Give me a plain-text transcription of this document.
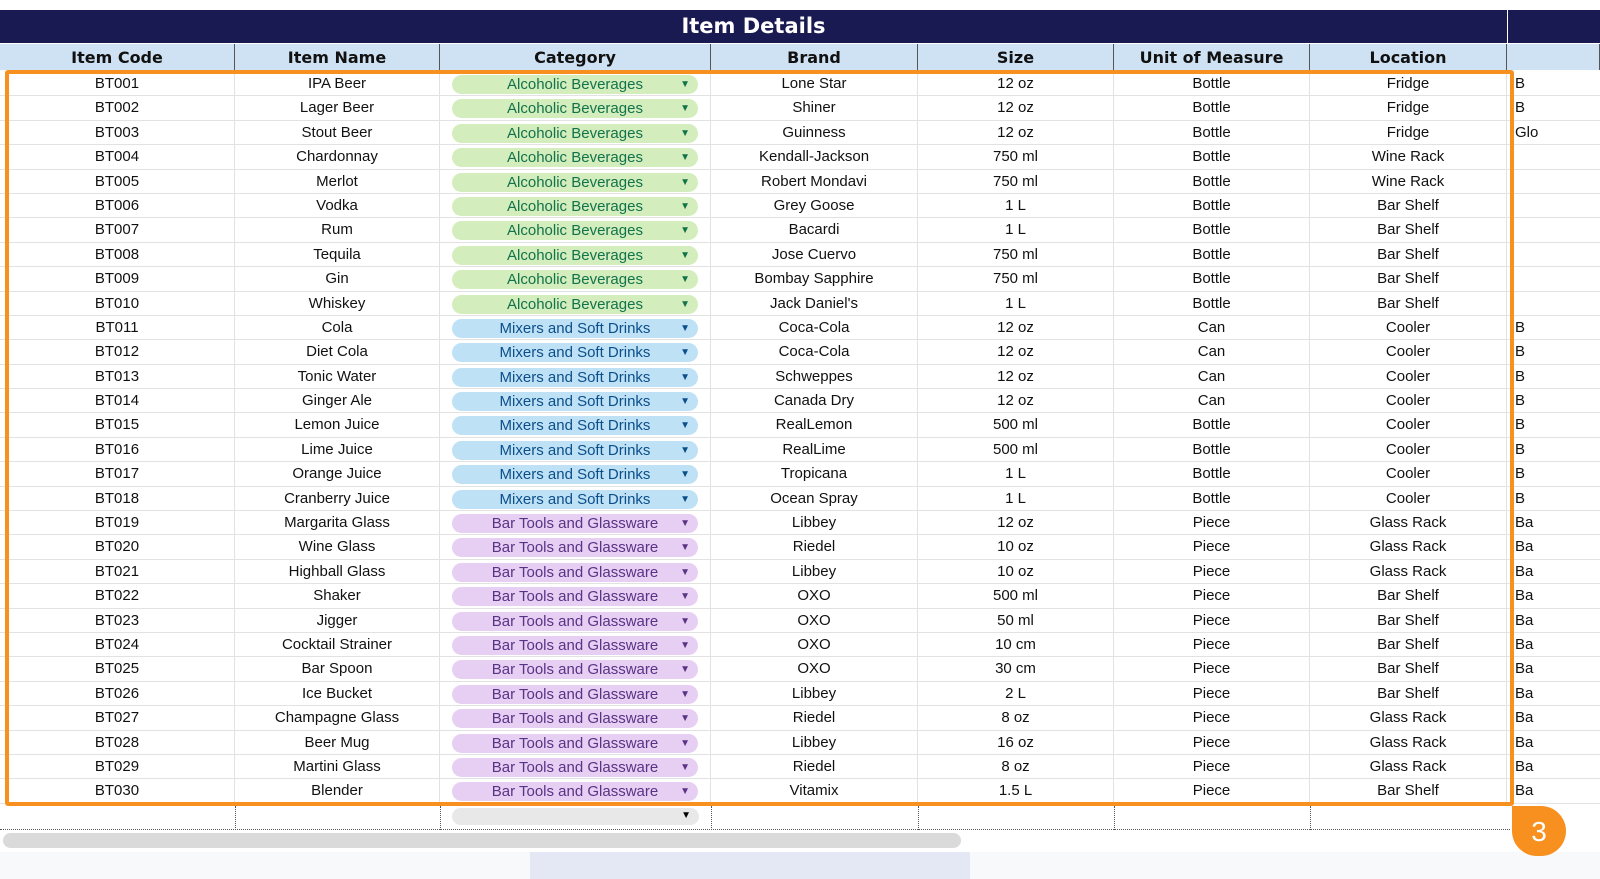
Item Details
Item Code	Item Name	Category	Brand	Size	Unit of Measure	Location
BT001	IPA Beer	Alcoholic Beverages	▼	Lone Star	12 oz	Bottle	Fridge	B
BT002	Lager Beer	Alcoholic Beverages	▼	Shiner	12 oz	Bottle	Fridge	B
BT003	Stout Beer	Alcoholic Beverages	▼	Guinness	12 oz	Bottle	Fridge	Glo
BT004	Chardonnay	Alcoholic Beverages	▼	Kendall-Jackson	750 ml	Bottle	Wine Rack
BT005	Merlot	Alcoholic Beverages	▼	Robert Mondavi	750 ml	Bottle	Wine Rack
BT006	Vodka	Alcoholic Beverages	▼	Grey Goose	1 L	Bottle	Bar Shelf
BT007	Rum	Alcoholic Beverages	▼	Bacardi	1 L	Bottle	Bar Shelf
BT008	Tequila	Alcoholic Beverages	▼	Jose Cuervo	750 ml	Bottle	Bar Shelf
BT009	Gin	Alcoholic Beverages	▼	Bombay Sapphire	750 ml	Bottle	Bar Shelf
BT010	Whiskey	Alcoholic Beverages	▼	Jack Daniel's	1 L	Bottle	Bar Shelf
BT011	Cola	Mixers and Soft Drinks	▼	Coca-Cola	12 oz	Can	Cooler	B
BT012	Diet Cola	Mixers and Soft Drinks	▼	Coca-Cola	12 oz	Can	Cooler	B
BT013	Tonic Water	Mixers and Soft Drinks	▼	Schweppes	12 oz	Can	Cooler	B
BT014	Ginger Ale	Mixers and Soft Drinks	▼	Canada Dry	12 oz	Can	Cooler	B
BT015	Lemon Juice	Mixers and Soft Drinks	▼	RealLemon	500 ml	Bottle	Cooler	B
BT016	Lime Juice	Mixers and Soft Drinks	▼	RealLime	500 ml	Bottle	Cooler	B
BT017	Orange Juice	Mixers and Soft Drinks	▼	Tropicana	1 L	Bottle	Cooler	B
BT018	Cranberry Juice	Mixers and Soft Drinks	▼	Ocean Spray	1 L	Bottle	Cooler	B
BT019	Margarita Glass	Bar Tools and Glassware ▼	Libbey	12 oz	Piece	Glass Rack	Ba
BT020	Wine Glass	Bar Tools and Glassware ▼	Riedel	10 oz	Piece	Glass Rack	Ba
BT021	Highball Glass	Bar Tools and Glassware ▼	Libbey	10 oz	Piece	Glass Rack	Ba
BT022	Shaker	Bar Tools and Glassware ▼	OXO	500 ml	Piece	Bar Shelf	Ba
BT023	Jigger	Bar Tools and Glassware ▼	OXO	50 ml	Piece	Bar Shelf	Ba
BT024	Cocktail Strainer	Bar Tools and Glassware ▼	OXO	10 cm	Piece	Bar Shelf	Ba
BT025	Bar Spoon	Bar Tools and Glassware ▼	OXO	30 cm	Piece	Bar Shelf	Ba
BT026	Ice Bucket	Bar Tools and Glassware ▼	Libbey	2 L	Piece	Bar Shelf	Ba
BT027	Champagne Glass	Bar Tools and Glassware ▼	Riedel	8 oz	Piece	Glass Rack	Ba
BT028	Beer Mug	Bar Tools and Glassware ▼	Libbey	16 oz	Piece	Glass Rack	Ba
BT029	Martini Glass	Bar Tools and Glassware ▼	Riedel	8 oz	Piece	Glass Rack	Ba
BT030	Blender	Bar Tools and Glassware ▼	Vitamix	1.5 L	Piece	Bar Shelf	Ba
▼
3
